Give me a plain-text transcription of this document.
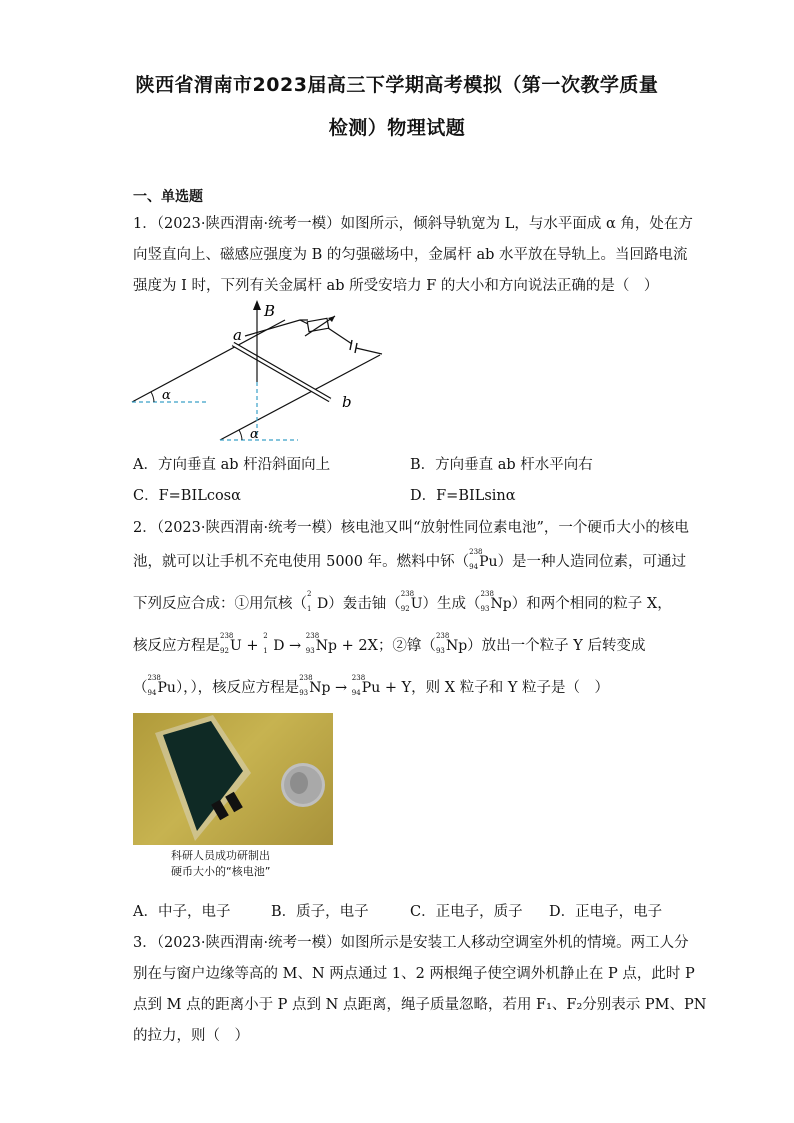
陕西省渭南市2023届高三下学期高考模拟（第一次教学质量
检测）物理试题
一、单选题
1．（2023·陕西渭南·统考一模）如图所示，倾斜导轨宽为 L，与水平面成 α 角，处在方
向竖直向上、磁感应强度为 B 的匀强磁场中，金属杆 ab 水平放在导轨上。当回路电流
强度为 I 时，下列有关金属杆 ab 所受安培力 F 的大小和方向说法正确的是（　）
B
a
b
α
α
A．方向垂直 ab 杆沿斜面向上	B．方向垂直 ab 杆水平向右
C．F=BILcosα	D．F=BILsinα
2．（2023·陕西渭南·统考一模）核电池又叫“放射性同位素电池”，一个硬币大小的核电
池，就可以让手机不充电使用 5000 年。燃料中钚（
238
94 Pu）是一种人造同位素，可通过
下列反应合成：①用氘核（
2
1 D）轰击铀（
238
92 U）生成（
238
93 Np）和两个相同的粒子 X，
核反应方程是
238
92 U +
2
1 D →
238
93 Np + 2X；②镎（
238
93 Np）放出一个粒子 Y 后转变成
（
238
94 Pu），），核反应方程是
238
93 Np →
238
94 Pu + Y，则 X 粒子和 Y 粒子是（　）
科研人员成功研制出
硬币大小的“核电池”
A．中子，电子	B．质子，电子	C．正电子，质子 D．正电子，电子
3．（2023·陕西渭南·统考一模）如图所示是安装工人移动空调室外机的情境。两工人分
别在与窗户边缘等高的 M、N 两点通过 1、2 两根绳子使空调外机静止在 P 点，此时 P
点到 M 点的距离小于 P 点到 N 点距离，绳子质量忽略，若用 F₁、F₂分别表示 PM、PN
的拉力，则（　）
